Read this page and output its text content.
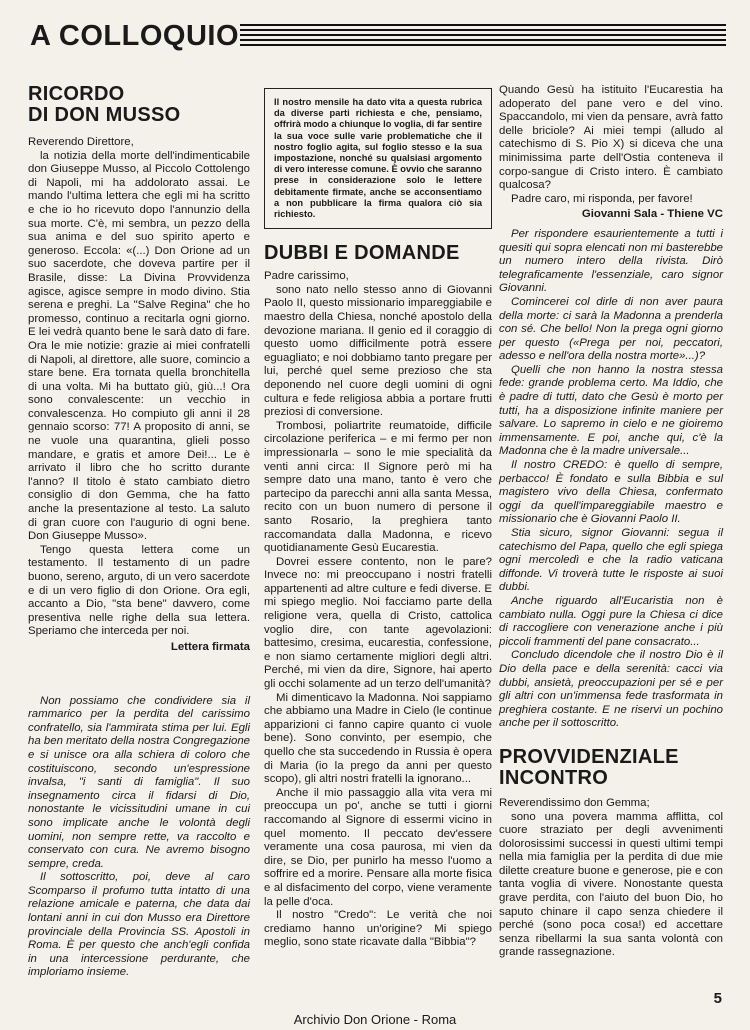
A COLLOQUIO
RICORDO
DI DON MUSSO

Reverendo Direttore,

la notizia della morte dell'indimenticabile don Giuseppe Musso, al Piccolo Cottolengo di Napoli, mi ha addolorato assai. Le mando l'ultima lettera che egli mi ha scritto e che io ho ricevuto dopo l'annunzio della sua morte. C'è, mi sembra, un pezzo della sua anima e del suo spirito aperto e generoso. Eccola: «(...) Don Orione ad un suo sacerdote, che doveva partire per il Brasile, disse: La Divina Provvidenza agisce, agisce sempre in modo divino. Stia serena e preghi. La "Salve Regina" che ho promesso, continuo a recitarla ogni giorno. E lei vedrà quanto bene le sarà dato di fare. Ora le mie notizie: grazie ai miei confratelli di Napoli, al direttore, alle suore, comincio a stare bene. Era tornata quella bronchitella di una volta. Mi ha buttato giù, giù...! Ora sono convalescente: un vecchio in convalescenza. Ho compiuto gli anni il 28 gennaio scorso: 77! A proposito di anni, se ne vuole una quarantina, glieli posso mandare, e gratis et amore Dei!... Le è arrivato il libro che ho scritto durante l'anno? Il titolo è stato cambiato dietro consiglio di don Gemma, che ha fatto anche la presentazione al testo. La saluto di gran cuore con l'augurio di ogni bene. Don Giuseppe Musso».

Tengo questa lettera come un testamento. Il testamento di un padre buono, sereno, arguto, di un vero sacerdote e di un vero figlio di don Orione. Ora egli, accanto a Dio, "sta bene" davvero, come presentiva nelle righe della sua lettera. Speriamo che interceda per noi.

Lettera firmata

Non possiamo che condividere sia il rammarico per la perdita del carissimo confratello, sia l'ammirata stima per lui. Egli ha ben meritato della nostra Congregazione e si unisce ora alla schiera di coloro che costituiscono, secondo un'espressione invalsa, "i santi di famiglia". Il suo insegnamento circa il fidarsi di Dio, nonostante le vicissitudini umane in cui sono implicate anche le volontà degli uomini, non sempre rette, va raccolto e conservato con cura. Ne avremo bisogno sempre, creda.

Il sottoscritto, poi, deve al caro Scomparso il profumo tutta intatto di una relazione amicale e paterna, che data dai lontani anni in cui don Musso era Direttore provinciale della Provincia SS. Apostoli in Roma. È per questo che anch'egli confida in una intercessione perdurante, che imploriamo insieme.

Il nostro mensile ha dato vita a questa rubrica da diverse parti richiesta e che, pensiamo, offrirà modo a chiunque lo voglia, di far sentire la sua voce sulle varie problematiche che il nostro foglio agita, sul foglio stesso e la sua impostazione, nonché su qualsiasi argomento di vero interesse comune. È ovvio che saranno prese in considerazione solo le lettere debitamente firmate, anche se acconsentiamo a non pubblicare la firma qualora ciò sia richiesto.
DUBBI E DOMANDE

Padre carissimo,

sono nato nello stesso anno di Giovanni Paolo II, questo missionario impareggiabile e maestro della Chiesa, nonché apostolo della devozione mariana. Il genio ed il coraggio di questo uomo difficilmente potrà essere eguagliato; e noi dobbiamo tanto pregare per lui, perché quel seme prezioso che sta deponendo nel cuore degli uomini di ogni cultura e fede religiosa abbia a portare frutti preziosi di conversione.

Trombosi, poliartrite reumatoide, difficile circolazione periferica – e mi fermo per non impressionarla – sono le mie specialità da venti anni circa: Il Signore però mi ha sempre dato una mano, tanto è vero che partecipo da parecchi anni alla santa Messa, recito con un buon numero di persone il santo Rosario, la preghiera tanto raccomandata dalla Madonna, e ricevo quotidianamente Gesù Eucarestia.

Dovrei essere contento, non le pare? Invece no: mi preoccupano i nostri fratelli appartenenti ad altre culture e fedi diverse. E mi spiego meglio. Noi facciamo parte della religione vera, quella di Cristo, cattolica voglio dire, con tante agevolazioni: battesimo, cresima, eucarestia, confessione, e non siamo certamente migliori degli altri. Perché, mi vien da dire, Signore, hai aperto gli occhi solamente ad un terzo dell'umanità?

Mi dimenticavo la Madonna. Noi sappiamo che abbiamo una Madre in Cielo (le continue apparizioni ci fanno capire quanto ci vuole bene). Sono convinto, per esempio, che quello che sta succedendo in Russia è opera di Maria (io la prego da anni per questo scopo), gli altri nostri fratelli la ignorano...

Anche il mio passaggio alla vita vera mi preoccupa un po', anche se tutti i giorni raccomando al Signore di essermi vicino in quel momento. Il peccato dev'essere veramente una cosa paurosa, mi vien da dire, se Dio, per punirlo ha messo l'uomo a soffrire ed a morire. Pensare alla morte fisica e al disfacimento del corpo, viene veramente la pelle d'oca.

Il nostro "Credo": Le verità che noi crediamo hanno un'origine? Mi spiego meglio, sono state ricavate dalla "Bibbia"?

Quando Gesù ha istituito l'Eucarestia ha adoperato del pane vero e del vino. Spaccandolo, mi vien da pensare, avrà fatto delle briciole? Ai miei tempi (alludo al catechismo di S. Pio X) si diceva che una minimissima parte dell'Ostia conteneva il corpo-sangue di Cristo intero. È cambiato qualcosa?

Padre caro, mi risponda, per favore!

Giovanni Sala - Thiene VC

Per rispondere esaurientemente a tutti i quesiti qui sopra elencati non mi basterebbe un numero intero della rivista. Dirò telegraficamente l'essenziale, caro signor Giovanni.

Comincerei col dirle di non aver paura della morte: ci sarà la Madonna a prenderla con sé. Che bello! Non la prega ogni giorno per questo («Prega per noi, peccatori, adesso e nell'ora della nostra morte»...)?

Quelli che non hanno la nostra stessa fede: grande problema certo. Ma Iddio, che è padre di tutti, dato che Gesù è morto per tutti, ha a disposizione infinite maniere per salvare. Lo sapremo in cielo e ne gioiremo immensamente. E poi, anche qui, c'è la Madonna che è la madre universale...

Il nostro CREDO: è quello di sempre, perbacco! È fondato e sulla Bibbia e sul magistero vivo della Chiesa, confermato oggi da quell'impareggiabile maestro e missionario che è Giovanni Paolo II.

Stia sicuro, signor Giovanni: segua il catechismo del Papa, quello che egli spiega ogni mercoledì e che la radio vaticana diffonde. Vi troverà tutte le risposte ai suoi dubbi.

Anche riguardo all'Eucaristia non è cambiato nulla. Oggi pure la Chiesa ci dice di raccogliere con venerazione anche i più piccoli frammenti del pane consacrato...

Concludo dicendole che il nostro Dio è il Dio della pace e della serenità: cacci via dubbi, ansietà, preoccupazioni per sé e per gli altri con un'immensa fede trasformata in preghiera costante. E ne riservi un pochino anche per il sottoscritto.

PROVVIDENZIALE
INCONTRO

Reverendissimo don Gemma;

sono una povera mamma afflitta, col cuore straziato per degli avvenimenti dolorosissimi successi in questi ultimi tempi nella mia famiglia per la perdita di due mie dilette creature buone e generose, pie e con tanta voglia di vivere. Nonostante questa grave perdita, con l'aiuto del buon Dio, ho saputo chinare il capo senza chiedere il perché (sono poca cosa!) ed accettare senza ribellarmi la sua santa volontà con grande rassegnazione.

5
Archivio Don Orione - Roma
